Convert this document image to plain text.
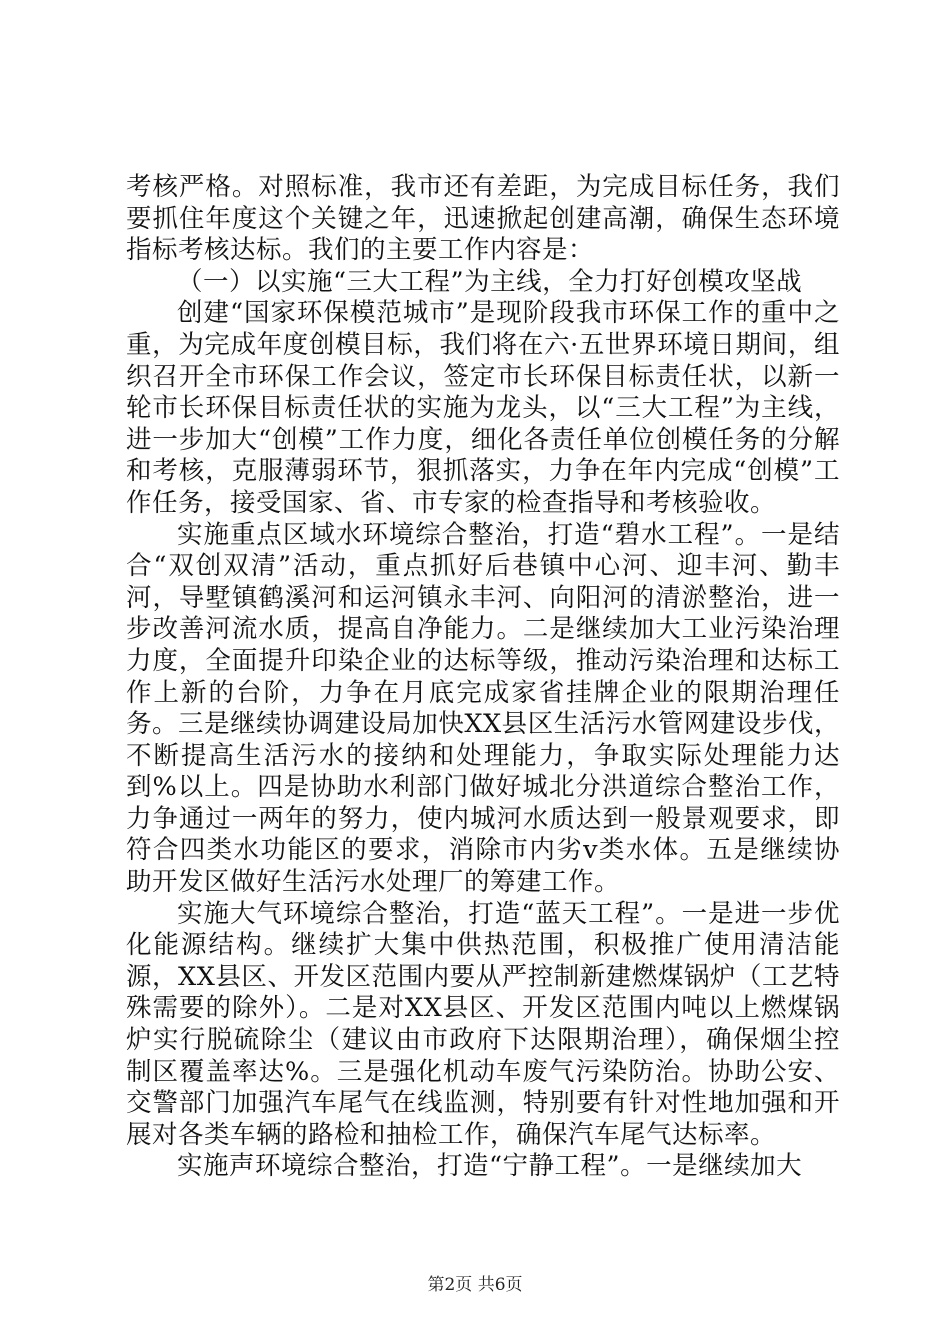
考核严格。对照标准，我市还有差距，为完成目标任务，我们要抓住年度这个关键之年，迅速掀起创建高潮，确保生态环境指标考核达标。我们的主要工作内容是：

（一）以实施“三大工程”为主线，全力打好创模攻坚战

创建“国家环保模范城市”是现阶段我市环保工作的重中之重，为完成年度创模目标，我们将在六·五世界环境日期间，组织召开全市环保工作会议，签定市长环保目标责任状，以新一轮市长环保目标责任状的实施为龙头，以“三大工程”为主线，进一步加大“创模”工作力度，细化各责任单位创模任务的分解和考核，克服薄弱环节，狠抓落实，力争在年内完成“创模”工作任务，接受国家、省、市专家的检查指导和考核验收。

实施重点区域水环境综合整治，打造“碧水工程”。一是结合“双创双清”活动，重点抓好后巷镇中心河、迎丰河、勤丰河，导墅镇鹤溪河和运河镇永丰河、向阳河的清淤整治，进一步改善河流水质，提高自净能力。二是继续加大工业污染治理力度，全面提升印染企业的达标等级，推动污染治理和达标工作上新的台阶，力争在月底完成家省挂牌企业的限期治理任务。三是继续协调建设局加快XX县区生活污水管网建设步伐，不断提高生活污水的接纳和处理能力，争取实际处理能力达到%以上。四是协助水利部门做好城北分洪道综合整治工作，力争通过一两年的努力，使内城河水质达到一般景观要求，即符合四类水功能区的要求，消除市内劣v类水体。五是继续协助开发区做好生活污水处理厂的筹建工作。

实施大气环境综合整治，打造“蓝天工程”。一是进一步优化能源结构。继续扩大集中供热范围，积极推广使用清洁能源，XX县区、开发区范围内要从严控制新建燃煤锅炉（工艺特殊需要的除外）。二是对XX县区、开发区范围内吨以上燃煤锅炉实行脱硫除尘（建议由市政府下达限期治理），确保烟尘控制区覆盖率达%。三是强化机动车废气污染防治。协助公安、交警部门加强汽车尾气在线监测，特别要有针对性地加强和开展对各类车辆的路检和抽检工作，确保汽车尾气达标率。

实施声环境综合整治，打造“宁静工程”。一是继续加大

第2页 共6页
